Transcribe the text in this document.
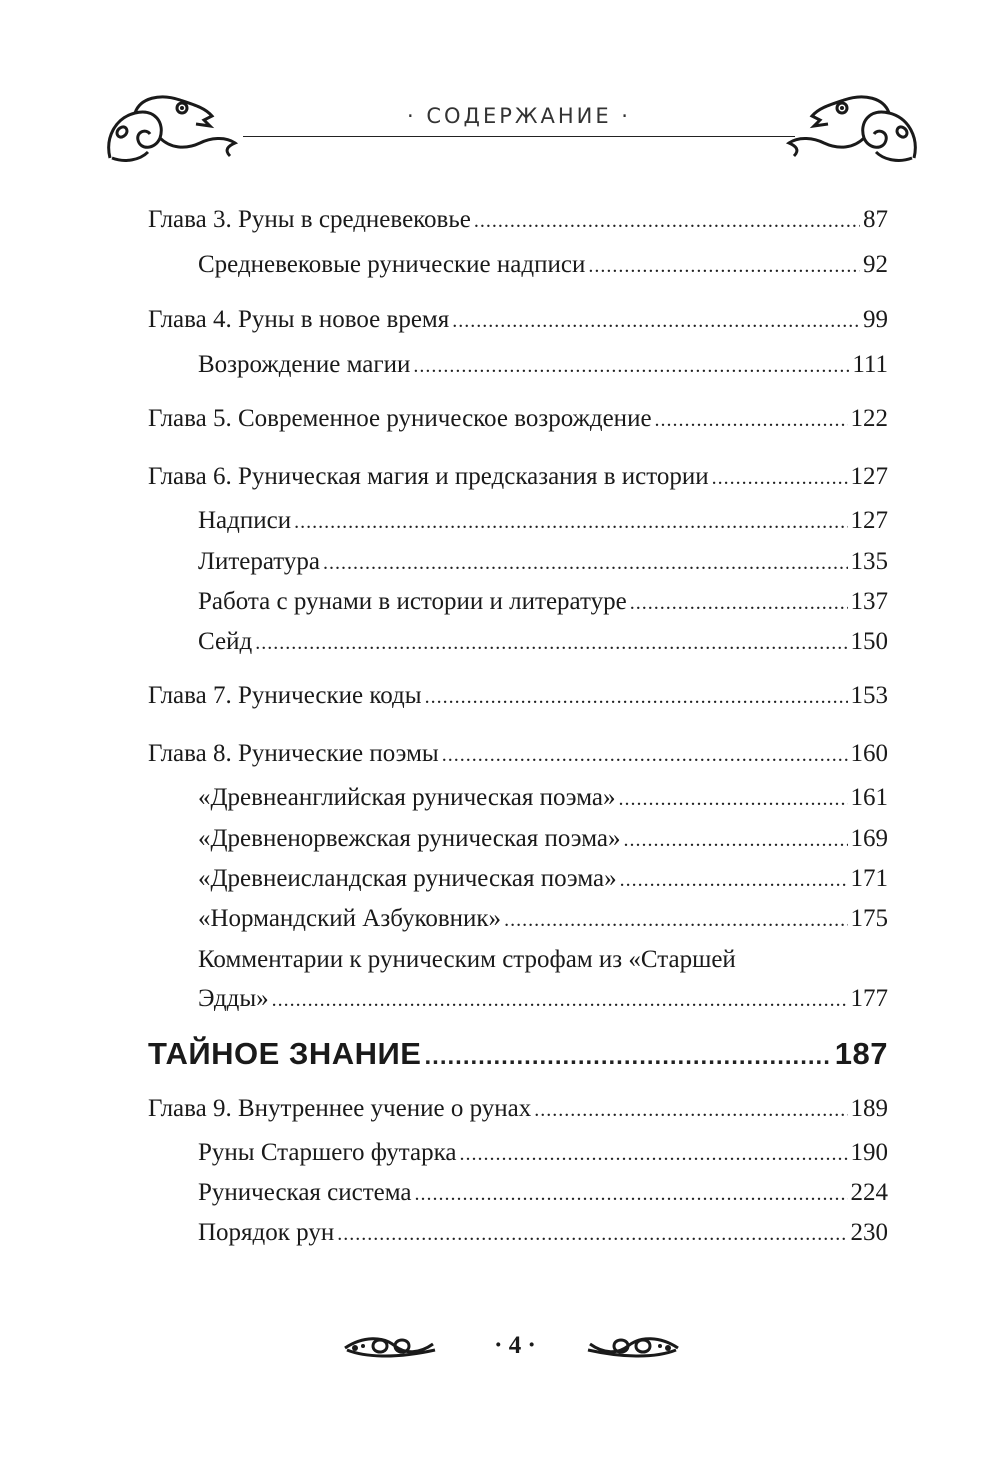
· СОДЕРЖАНИЕ ·
Глава 3. Руны в средневековье .....	87
Средневековые рунические надписи .....	92
Глава 4. Руны в новое время .....	99
Возрождение магии .....	111
Глава 5. Современное руническое возрождение .....	122
Глава 6. Руническая магия и предсказания в истории .....	127
Надписи .....	127
Литература .....	135
Работа с рунами в истории и литературе .....	137
Сейд .....	150
Глава 7. Рунические коды .....	153
Глава 8. Рунические поэмы .....	160
«Древнеанглийская руническая поэма» .....	161
«Древненорвежская руническая поэма» .....	169
«Древнеисландская руническая поэма» .....	171
«Нормандский Азбуковник» .....	175
Комментарии к руническим строфам из «Старшей
Эдды» .....	177
ТАЙНОЕ ЗНАНИЕ .....	187
Глава 9. Внутреннее учение о рунах .....	189
Руны Старшего футарка .....	190
Руническая система .....	224
Порядок рун .....	230
· 4 ·
